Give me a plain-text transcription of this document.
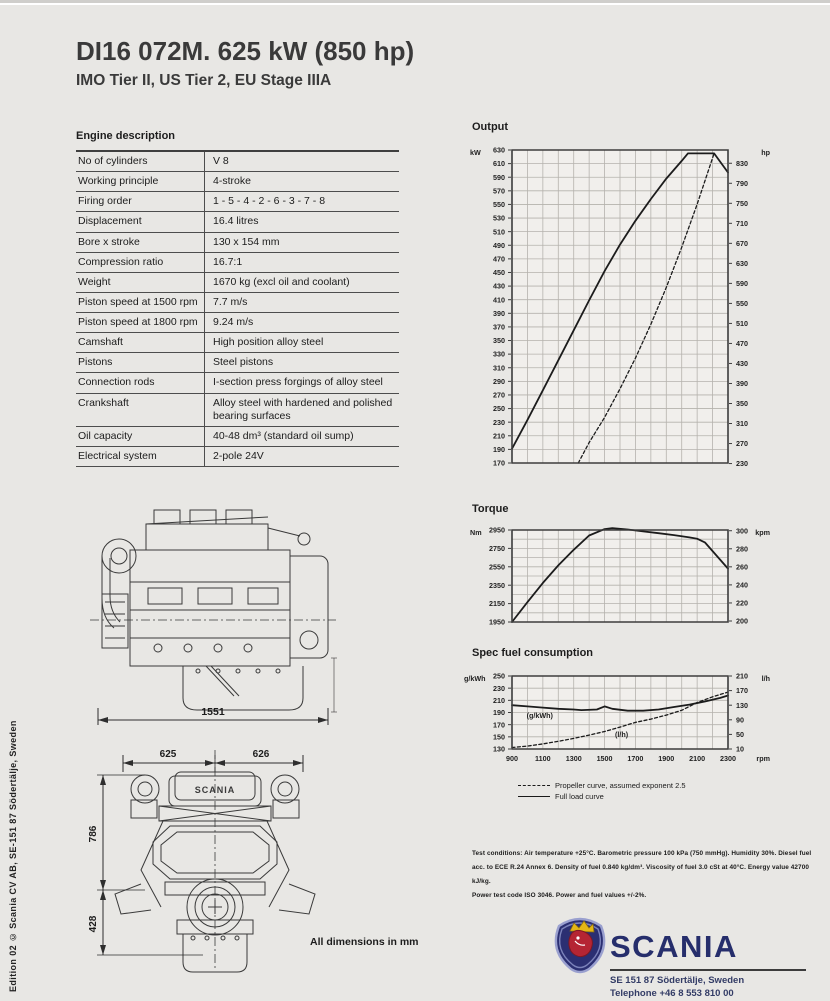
Edition 02 © Scania CV AB, SE-151 87 Södertälje, Sweden
DI16 072M. 625 kW (850 hp)

IMO Tier II, US Tier 2, EU Stage IIIA

Engine description
No of cylinders	V 8
Working principle	4-stroke
Firing order	1 - 5 - 4 - 2 - 6 - 3 - 7 - 8
Displacement	16.4 litres
Bore x stroke	130 x 154 mm
Compression ratio	16.7:1
Weight	1670 kg (excl oil and coolant)
Piston speed at 1500 rpm	7.7 m/s
Piston speed at 1800 rpm	9.24 m/s
Camshaft	High position alloy steel
Pistons	Steel pistons
Connection rods	I-section press forgings of alloy steel
Crankshaft	Alloy steel with hardened and polished bearing surfaces
Oil capacity	40-48 dm³ (standard oil sump)
Electrical system	2-pole 24V
1551
SCANIA
625	626
786
428
All dimensions in mm
Output
170
190
210
230
250
270
290
310
330
350
370
390
410
430
450
470
490
510
530
550
570
590
610
630
830
790
750
710
670
630
590
550
510
470
430
390
350
310
270
230
kW	hp
Torque
1950
2150
2350
2550
2750
2950	300
280
260
240
220
200
Nm	kpm
Spec fuel consumption
130
150
170
190
210
230
250	210
170
130
90
50
10
g/kWh	l/h
900 1100 1300 1500 1700 1900 2100 2300	rpm
(g/kWh)
(l/h)
Propeller curve, assumed exponent 2.5
Full load curve
Test conditions: Air temperature +25°C. Barometric pressure 100 kPa (750 mmHg). Humidity 30%. Diesel fuel
acc. to ECE R.24 Annex 6. Density of fuel 0.840 kg/dm³. Viscosity of fuel 3.0 cSt at 40°C. Energy value 42700 kJ/kg.
Power test code ISO 3046. Power and fuel values +/-2%.
SCANIA
SE 151 87 Södertälje, Sweden
Telephone +46 8 553 810 00
